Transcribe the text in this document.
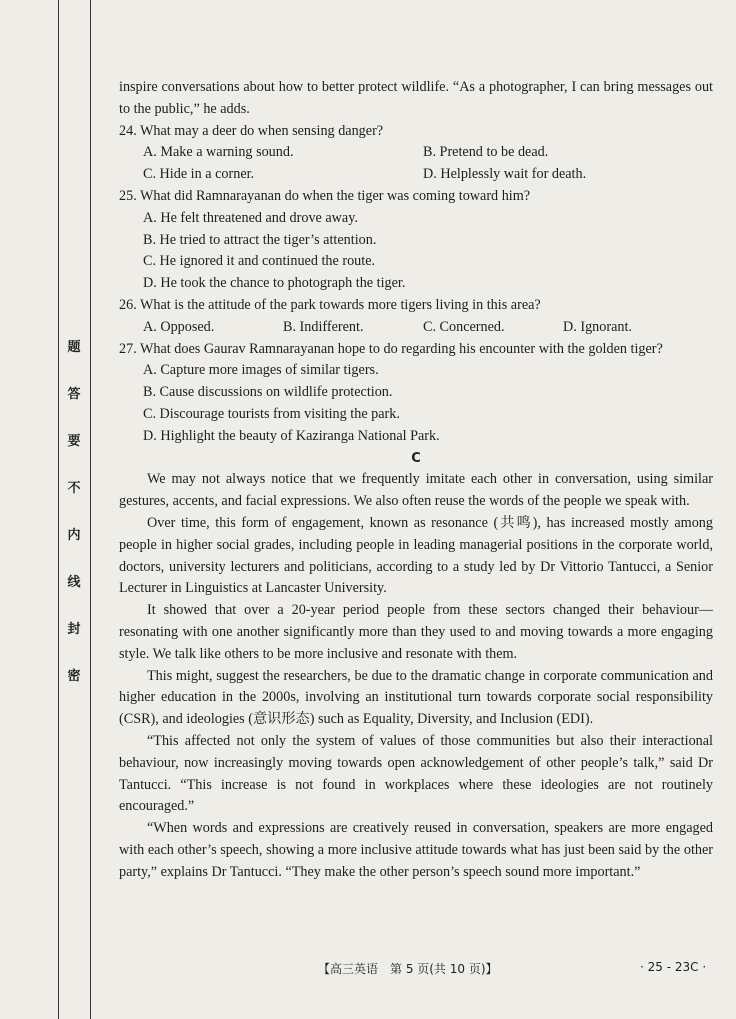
题
答
要
不
内
线
封
密

inspire conversations about how to better protect wildlife. “As a photographer, I can bring messages out to the public,” he adds.

24. What may a deer do when sensing danger?

A. Make a warning sound.	B. Pretend to be dead.
C. Hide in a corner.	D. Helplessly wait for death.

25. What did Ramnarayanan do when the tiger was coming toward him?

A. He felt threatened and drove away.
B. He tried to attract the tiger’s attention.
C. He ignored it and continued the route.
D. He took the chance to photograph the tiger.

26. What is the attitude of the park towards more tigers living in this area?

A. Opposed.	B. Indifferent.	C. Concerned.	D. Ignorant.

27. What does Gaurav Ramnarayanan hope to do regarding his encounter with the golden tiger?

A. Capture more images of similar tigers.
B. Cause discussions on wildlife protection.
C. Discourage tourists from visiting the park.
D. Highlight the beauty of Kaziranga National Park.
C

We may not always notice that we frequently imitate each other in conversation, using similar gestures, accents, and facial expressions. We also often reuse the words of the people we speak with.

Over time, this form of engagement, known as resonance (共鸣), has increased mostly among people in higher social grades, including people in leading managerial positions in the corporate world, doctors, university lecturers and politicians, according to a study led by Dr Vittorio Tantucci, a Senior Lecturer in Linguistics at Lancaster University.

It showed that over a 20-year period people from these sectors changed their behaviour—resonating with one another significantly more than they used to and moving towards a more engaging style. We talk like others to be more inclusive and resonate with them.

This might, suggest the researchers, be due to the dramatic change in corporate communication and higher education in the 2000s, involving an institutional turn towards corporate social responsibility (CSR), and ideologies (意识形态) such as Equality, Diversity, and Inclusion (EDI).

“This affected not only the system of values of those communities but also their interactional behaviour, now increasingly moving towards open acknowledgement of other people’s talk,” said Dr Tantucci. “This increase is not found in workplaces where these ideologies are not routinely encouraged.”

“When words and expressions are creatively reused in conversation, speakers are more engaged with each other’s speech, showing a more inclusive attitude towards what has just been said by the other party,” explains Dr Tantucci. “They make the other person’s speech sound more important.”

【高三英语　第 5 页(共 10 页)】	· 25 - 23C ·
